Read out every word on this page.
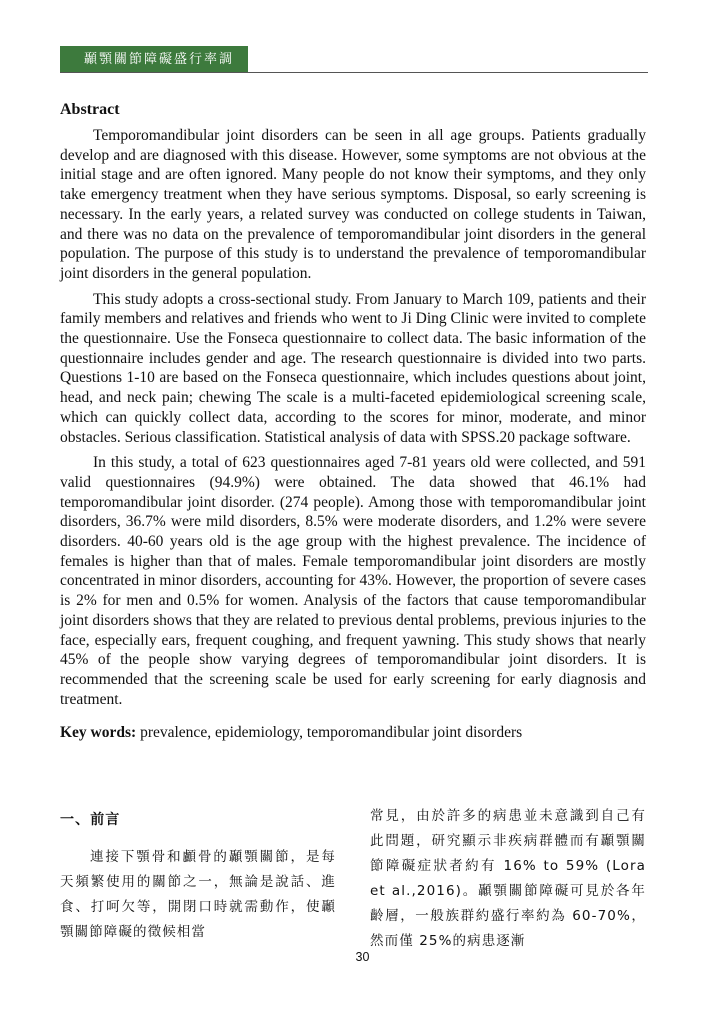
顳顎關節障礙盛行率調查
Abstract

Temporomandibular joint disorders can be seen in all age groups. Patients gradually develop and are diagnosed with this disease. However, some symptoms are not obvious at the initial stage and are often ignored. Many people do not know their symptoms, and they only take emergency treatment when they have serious symptoms. Disposal, so early screening is necessary. In the early years, a related survey was conducted on college students in Taiwan, and there was no data on the prevalence of temporomandibular joint disorders in the general population. The purpose of this study is to understand the prevalence of temporomandibular joint disorders in the general population.

This study adopts a cross-sectional study. From January to March 109, patients and their family members and relatives and friends who went to Ji Ding Clinic were invited to complete the questionnaire. Use the Fonseca questionnaire to collect data. The basic information of the questionnaire includes gender and age. The research questionnaire is divided into two parts. Questions 1-10 are based on the Fonseca questionnaire, which includes questions about joint, head, and neck pain; chewing The scale is a multi-faceted epidemiological screening scale, which can quickly collect data, according to the scores for minor, moderate, and minor obstacles. Serious classification. Statistical analysis of data with SPSS.20 package software.

In this study, a total of 623 questionnaires aged 7-81 years old were collected, and 591 valid questionnaires (94.9%) were obtained. The data showed that 46.1% had temporomandibular joint disorder. (274 people). Among those with temporomandibular joint disorders, 36.7% were mild disorders, 8.5% were moderate disorders, and 1.2% were severe disorders. 40-60 years old is the age group with the highest prevalence. The incidence of females is higher than that of males. Female temporomandibular joint disorders are mostly concentrated in minor disorders, accounting for 43%. However, the proportion of severe cases is 2% for men and 0.5% for women. Analysis of the factors that cause temporomandibular joint disorders shows that they are related to previous dental problems, previous injuries to the face, especially ears, frequent coughing, and frequent yawning. This study shows that nearly 45% of the people show varying degrees of temporomandibular joint disorders. It is recommended that the screening scale be used for early screening for early diagnosis and treatment.

Key words: prevalence, epidemiology, temporomandibular joint disorders

一、前言

連接下顎骨和顱骨的顳顎關節，是每天頻繁使用的關節之一，無論是說話、進食、打呵欠等，開閉口時就需動作，使顳顎關節障礙的徵候相當

常見，由於許多的病患並未意識到自己有此問題，研究顯示非疾病群體而有顳顎關節障礙症狀者約有 16% to 59% (Lora et al.,2016)。顳顎關節障礙可見於各年齡層，一般族群約盛行率約為 60-70%，然而僅 25%的病患逐漸

30
